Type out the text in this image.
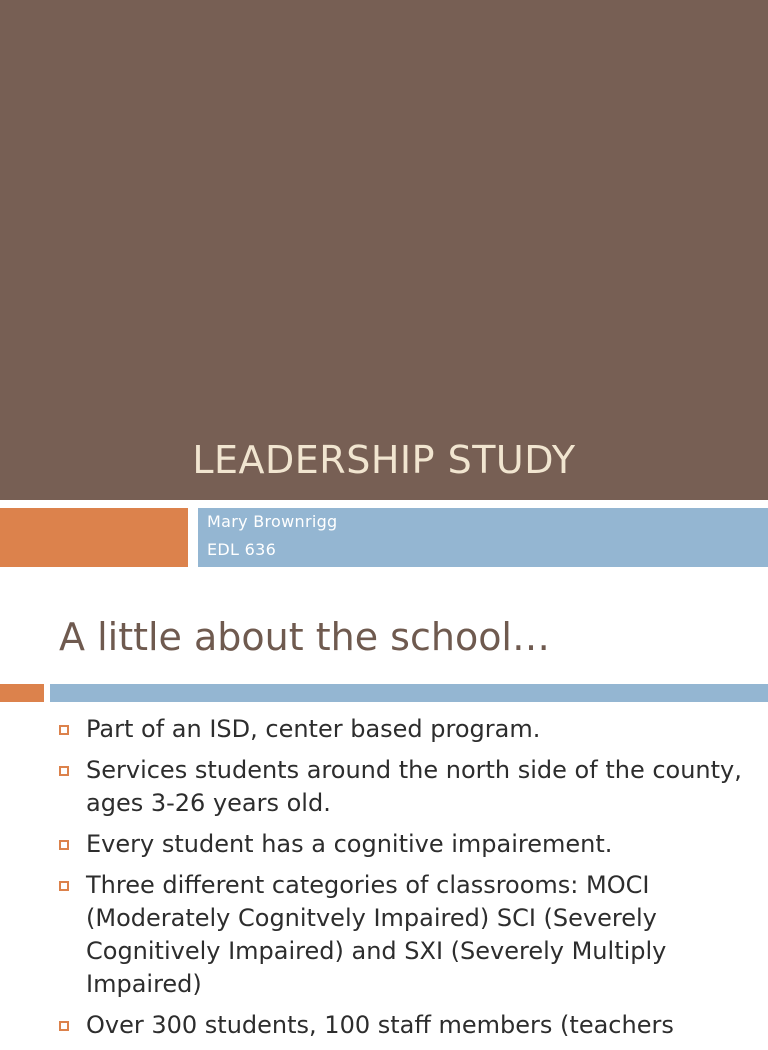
LEADERSHIP STUDY
Mary Brownrigg
EDL 636
A little about the school…
Part of an ISD, center based program.
Services students around the north side of the county, ages 3-26 years old.
Every student has a cognitive impairement.
Three different categories of classrooms: MOCI (Moderately Cognitvely Impaired) SCI (Severely Cognitively Impaired) and SXI (Severely Multiply Impaired)
Over 300 students, 100 staff members (teachers
